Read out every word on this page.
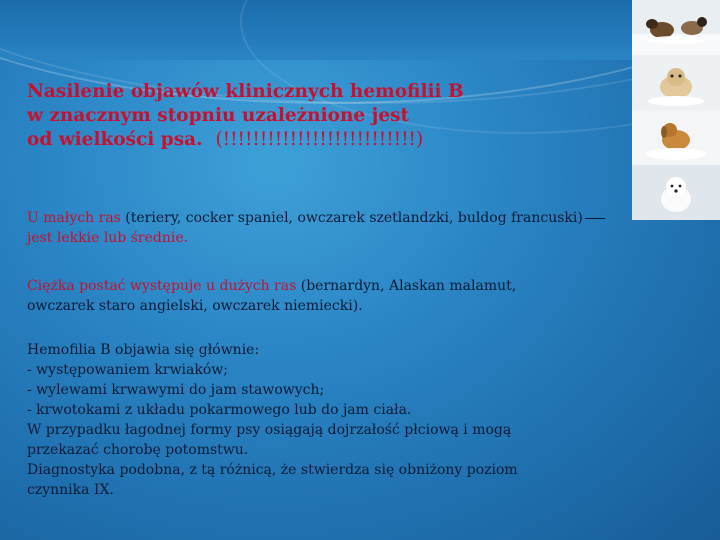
Nasilenie objawów klinicznych hemofilii B
w znacznym stopniu uzależnione jest
od wielkości psa. (!!!!!!!!!!!!!!!!!!!!!!!!!!)

U małych ras (teriery, cocker spaniel, owczarek szetlandzki, buldog francuski)
jest lekkie lub średnie.

Ciężka postać występuje u dużych ras (bernardyn, Alaskan malamut,
owczarek staro angielski, owczarek niemiecki).

Hemofilia B objawia się głównie:
- występowaniem krwiaków;
- wylewami krwawymi do jam stawowych;
- krwotokami z układu pokarmowego lub do jam ciała.
W przypadku łagodnej formy psy osiągają dojrzałość płciową i mogą
przekazać chorobę potomstwu.
Diagnostyka podobna, z tą różnicą, że stwierdza się obniżony poziom
czynnika IX.
